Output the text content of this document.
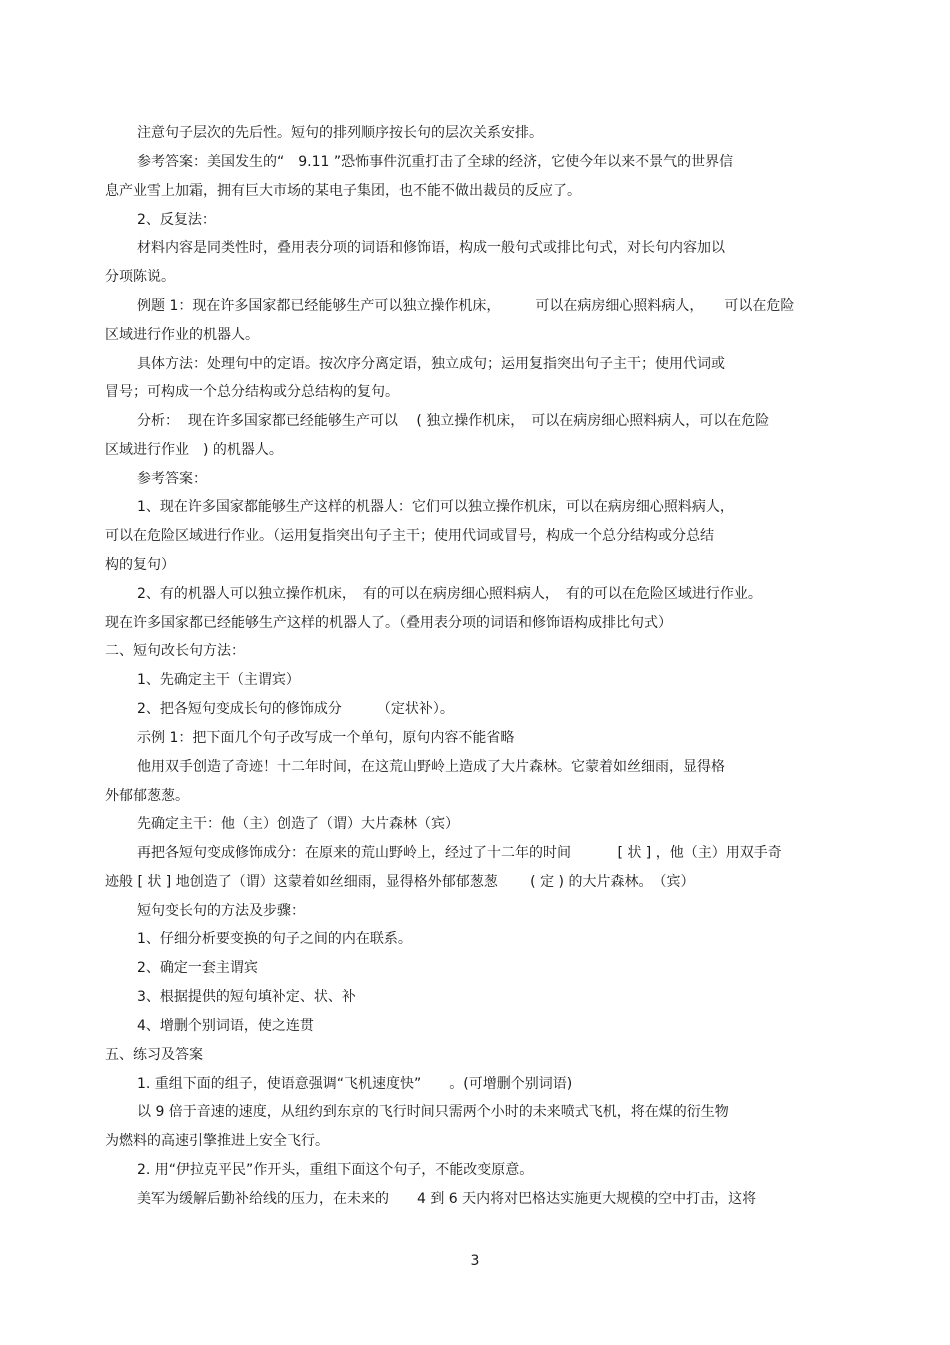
注意句子层次的先后性。短句的排列顺序按长句的层次关系安排。
参考答案：美国发生的“　9.11 ”恐怖事件沉重打击了全球的经济，它使今年以来不景气的世界信
息产业雪上加霜，拥有巨大市场的某电子集团，也不能不做出裁员的反应了。
2、反复法：
材料内容是同类性时，叠用表分项的词语和修饰语，构成一般句式或排比句式，对长句内容加以
分项陈说。
例题 1：现在许多国家都已经能够生产可以独立操作机床，　　　可以在病房细心照料病人，　　可以在危险
区域进行作业的机器人。
具体方法：处理句中的定语。按次序分离定语，独立成句；运用复指突出句子主干；使用代词或
冒号；可构成一个总分结构或分总结构的复句。
分析：  现在许多国家都已经能够生产可以　 ( 独立操作机床，　可以在病房细心照料病人，可以在危险
区域进行作业　) 的机器人。
参考答案：
1、现在许多国家都能够生产这样的机器人：它们可以独立操作机床，可以在病房细心照料病人，
可以在危险区域进行作业。（运用复指突出句子主干；使用代词或冒号，构成一个总分结构或分总结
构的复句）
2、有的机器人可以独立操作机床，　有的可以在病房细心照料病人，　有的可以在危险区域进行作业。
现在许多国家都已经能够生产这样的机器人了。（叠用表分项的词语和修饰语构成排比句式）
二、短句改长句方法：
1、先确定主干（主谓宾）
2、把各短句变成长句的修饰成分　　　（定状补）。
示例 1：把下面几个句子改写成一个单句，原句内容不能省略
他用双手创造了奇迹！十二年时间，在这荒山野岭上造成了大片森林。它蒙着如丝细雨，显得格
外郁郁葱葱。
先确定主干：他（主）创造了（谓）大片森林（宾）
再把各短句变成修饰成分：在原来的荒山野岭上，经过了十二年的时间　　　 [ 状 ] ，他（主）用双手奇
迹般 [ 状 ] 地创造了（谓）这蒙着如丝细雨，显得格外郁郁葱葱　　 ( 定 ) 的大片森林。　（宾）
短句变长句的方法及步骤：
1、仔细分析要变换的句子之间的内在联系。
2、确定一套主谓宾
3、根据提供的短句填补定、状、补
4、增删个别词语，使之连贯
五、练习及答案
1. 重组下面的组子，使语意强调“飞机速度快”　　。(可增删个别词语)
以 9 倍于音速的速度，从纽约到东京的飞行时间只需两个小时的未来喷式飞机，将在煤的衍生物
为燃料的高速引擎推进上安全飞行。
2. 用“伊拉克平民”作开头，重组下面这个句子，不能改变原意。
美军为缓解后勤补给线的压力，在未来的　　4 到 6 天内将对巴格达实施更大规模的空中打击，这将
3
